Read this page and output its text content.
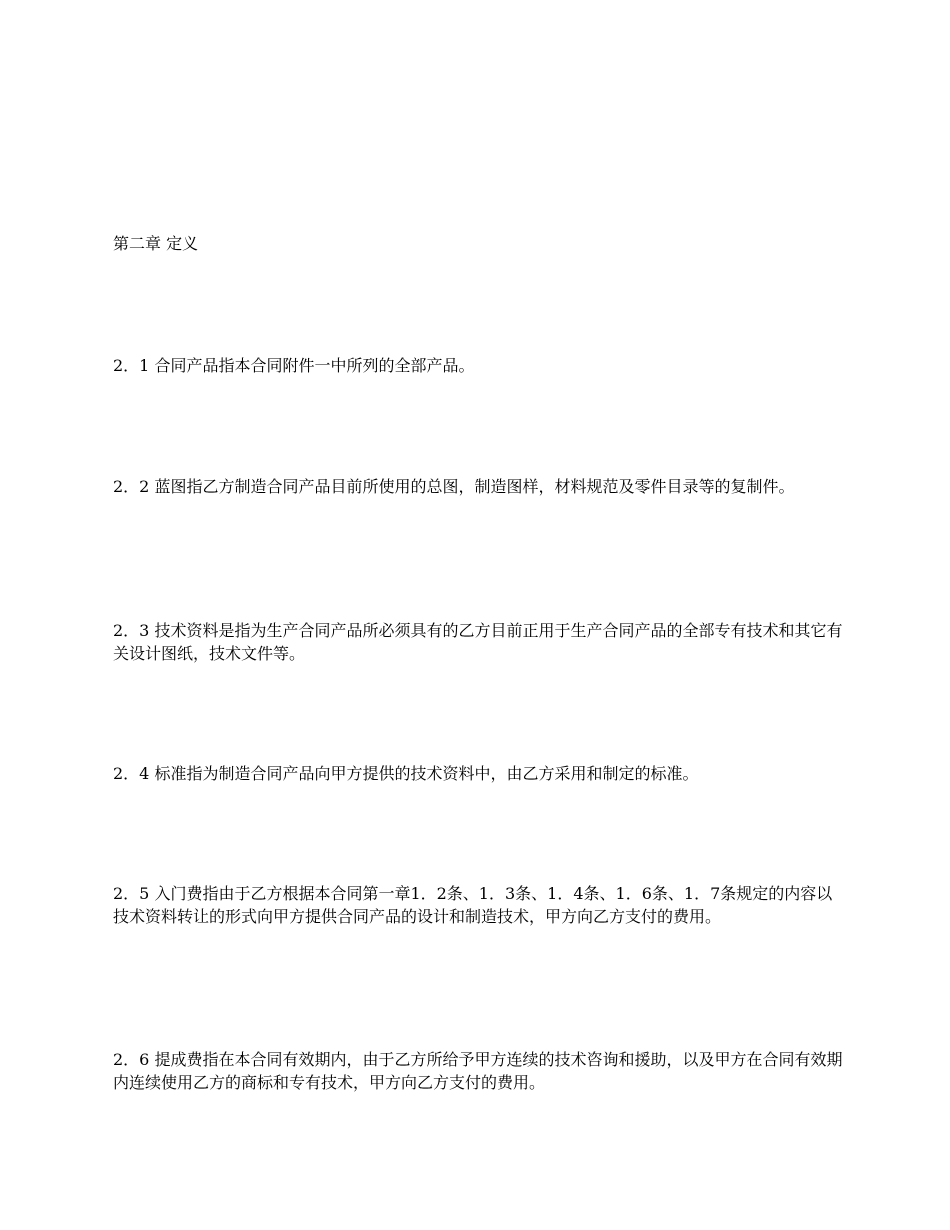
第二章 定义

2．1 合同产品指本合同附件一中所列的全部产品。

2．2 蓝图指乙方制造合同产品目前所使用的总图，制造图样，材料规范及零件目录等的复制件。

2．3 技术资料是指为生产合同产品所必须具有的乙方目前正用于生产合同产品的全部专有技术和其它有关设计图纸，技术文件等。

2．4 标准指为制造合同产品向甲方提供的技术资料中，由乙方采用和制定的标准。

2．5 入门费指由于乙方根据本合同第一章1．2条、1．3条、1．4条、1．6条、1．7条规定的内容以技术资料转让的形式向甲方提供合同产品的设计和制造技术，甲方向乙方支付的费用。

2．6 提成费指在本合同有效期内，由于乙方所给予甲方连续的技术咨询和援助，以及甲方在合同有效期内连续使用乙方的商标和专有技术，甲方向乙方支付的费用。
